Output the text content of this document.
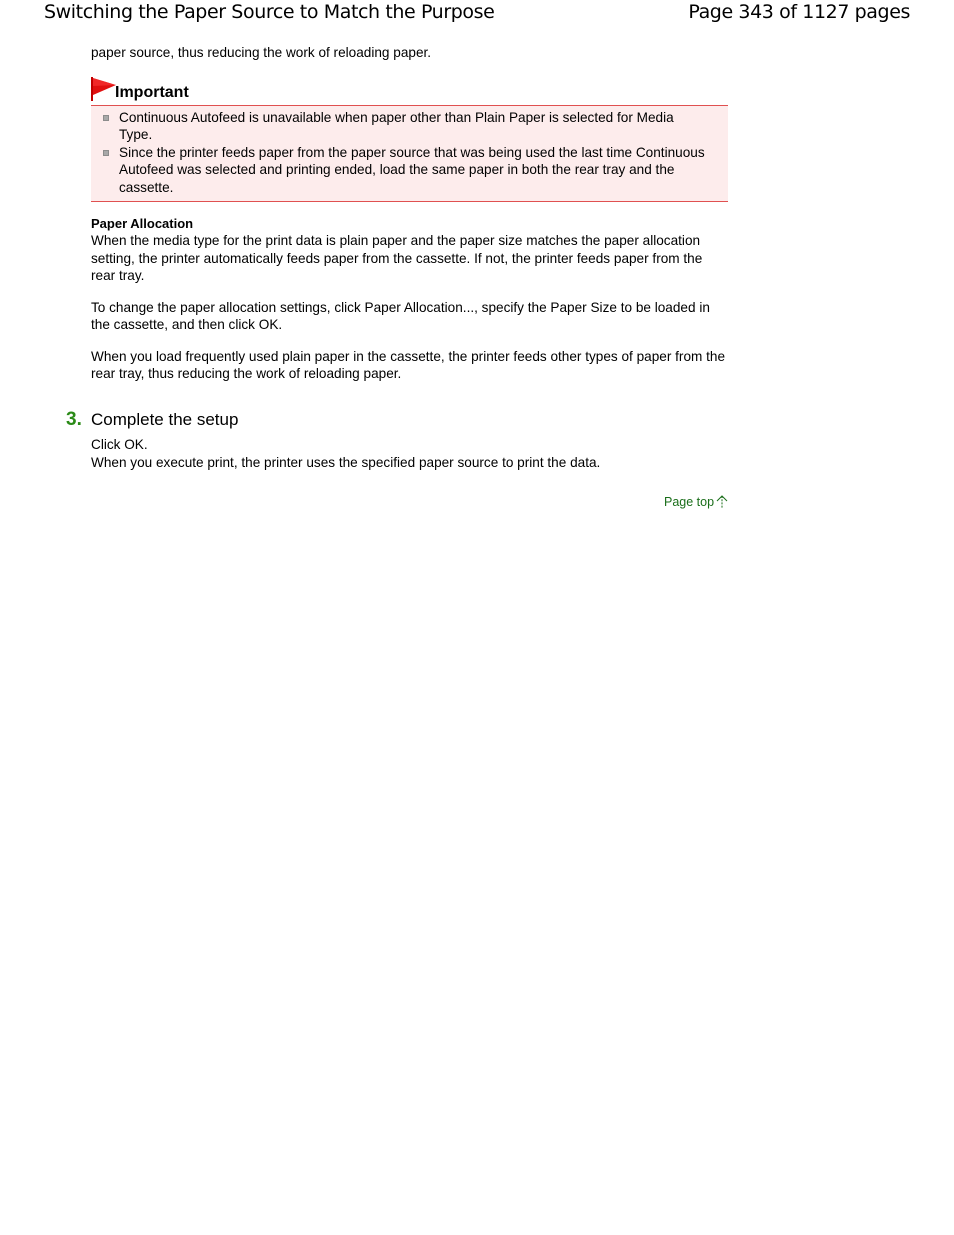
Switching the Paper Source to Match the Purpose	Page 343 of 1127 pages

paper source, thus reducing the work of reloading paper.

Important
Continuous Autofeed is unavailable when paper other than Plain Paper is selected for Media Type.
Since the printer feeds paper from the paper source that was being used the last time Continuous Autofeed was selected and printing ended, load the same paper in both the rear tray and the cassette.

Paper Allocation

When the media type for the print data is plain paper and the paper size matches the paper allocation setting, the printer automatically feeds paper from the cassette. If not, the printer feeds paper from the rear tray.

To change the paper allocation settings, click Paper Allocation..., specify the Paper Size to be loaded in the cassette, and then click OK.

When you load frequently used plain paper in the cassette, the printer feeds other types of paper from the rear tray, thus reducing the work of reloading paper.

3. Complete the setup

Click OK.

When you execute print, the printer uses the specified paper source to print the data.

Page top
